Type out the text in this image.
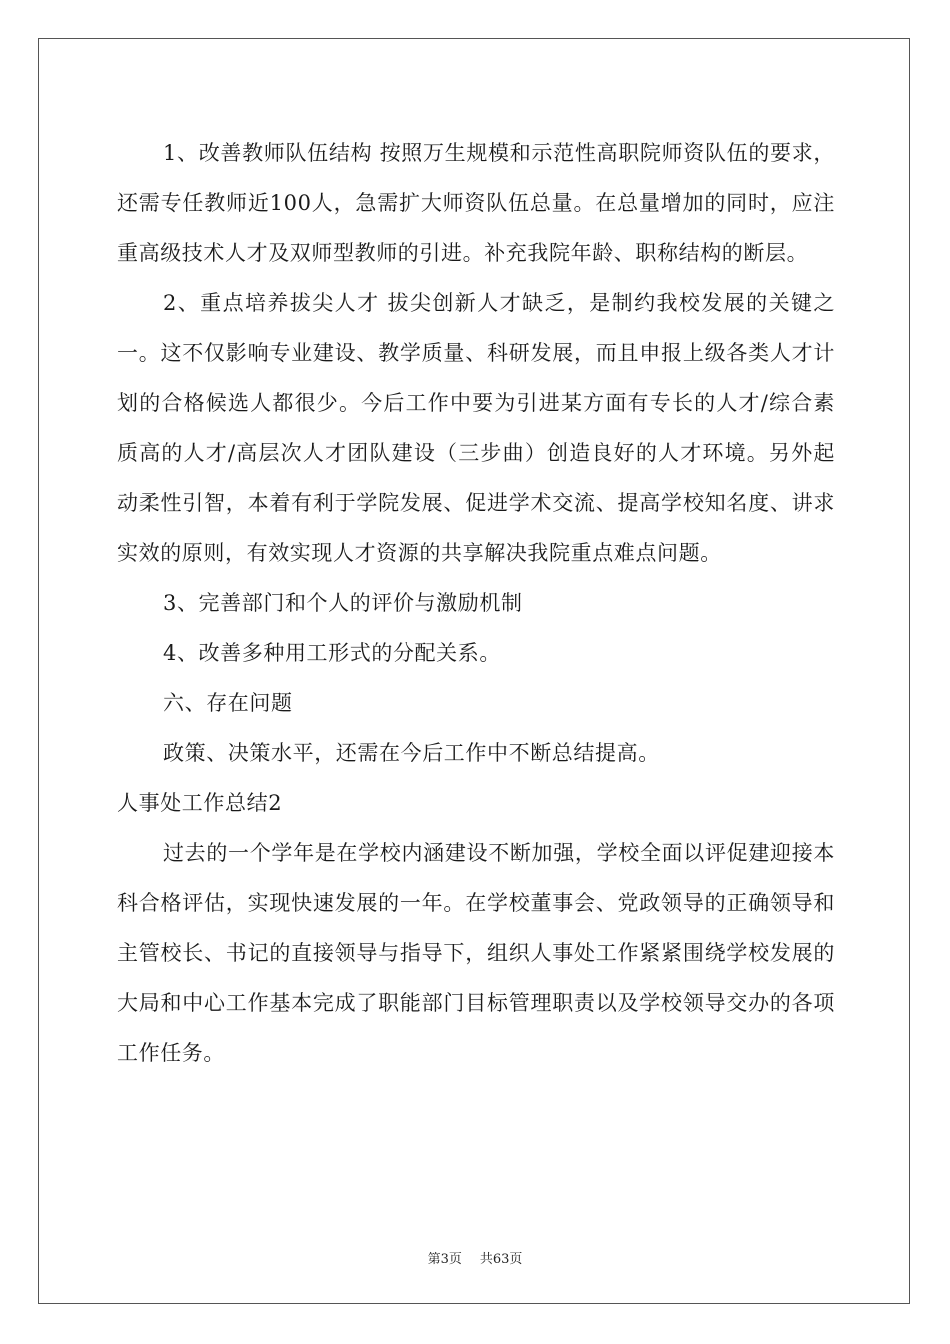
1、改善教师队伍结构 按照万生规模和示范性高职院师资队伍的要求，还需专任教师近100人，急需扩大师资队伍总量。在总量增加的同时，应注重高级技术人才及双师型教师的引进。补充我院年龄、职称结构的断层。

2、重点培养拔尖人才 拔尖创新人才缺乏，是制约我校发展的关键之一。这不仅影响专业建设、教学质量、科研发展，而且申报上级各类人才计划的合格候选人都很少。今后工作中要为引进某方面有专长的人才/综合素质高的人才/高层次人才团队建设（三步曲）创造良好的人才环境。另外起动柔性引智，本着有利于学院发展、促进学术交流、提高学校知名度、讲求实效的原则，有效实现人才资源的共享解决我院重点难点问题。

3、完善部门和个人的评价与激励机制

4、改善多种用工形式的分配关系。

六、存在问题

政策、决策水平，还需在今后工作中不断总结提高。

人事处工作总结2

过去的一个学年是在学校内涵建设不断加强，学校全面以评促建迎接本科合格评估，实现快速发展的一年。在学校董事会、党政领导的正确领导和主管校长、书记的直接领导与指导下，组织人事处工作紧紧围绕学校发展的大局和中心工作基本完成了职能部门目标管理职责以及学校领导交办的各项工作任务。

第3页 共63页
